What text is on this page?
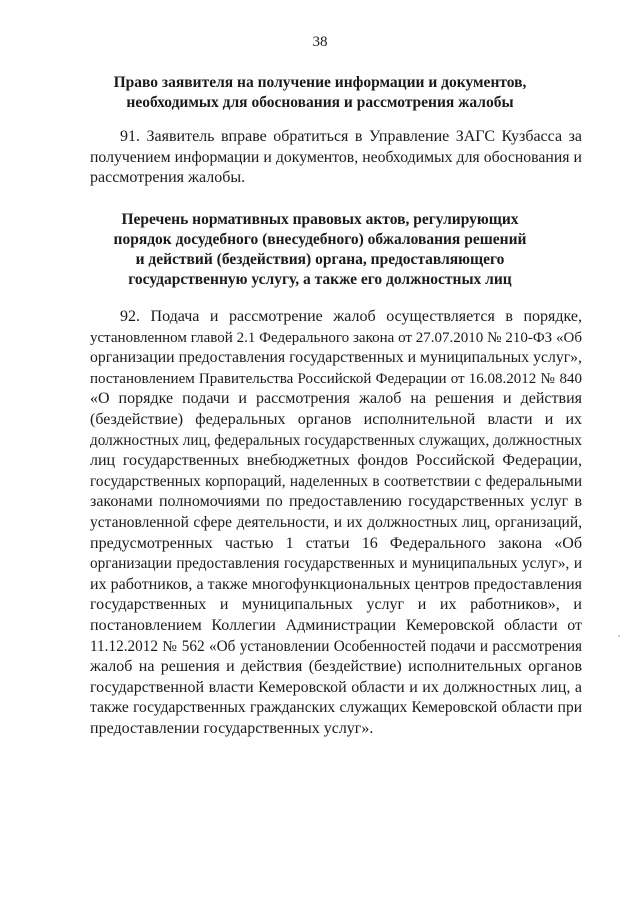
38
Право заявителя на получение информации и документов,
необходимых для обоснования и рассмотрения жалобы
91. Заявитель вправе обратиться в Управление ЗАГС Кузбасса за
получением информации и документов, необходимых для обоснования и
рассмотрения жалобы.
Перечень нормативных правовых актов, регулирующих
порядок досудебного (внесудебного) обжалования решений
и действий (бездействия) органа, предоставляющего
государственную услугу, а также его должностных лиц
92. Подача и рассмотрение жалоб осуществляется в порядке,
установленном главой 2.1 Федерального закона от 27.07.2010 № 210-ФЗ «Об
организации предоставления государственных и муниципальных услуг»,
постановлением Правительства Российской Федерации от 16.08.2012 № 840
«О порядке подачи и рассмотрения жалоб на решения и действия
(бездействие) федеральных органов исполнительной власти и их
должностных лиц, федеральных государственных служащих, должностных
лиц государственных внебюджетных фондов Российской Федерации,
государственных корпораций, наделенных в соответствии с федеральными
законами полномочиями по предоставлению государственных услуг в
установленной сфере деятельности, и их должностных лиц, организаций,
предусмотренных частью 1 статьи 16 Федерального закона «Об
организации предоставления государственных и муниципальных услуг», и
их работников, а также многофункциональных центров предоставления
государственных и муниципальных услуг и их работников», и
постановлением Коллегии Администрации Кемеровской области от
11.12.2012 № 562 «Об установлении Особенностей подачи и рассмотрения
жалоб на решения и действия (бездействие) исполнительных органов
государственной власти Кемеровской области и их должностных лиц, а
также государственных гражданских служащих Кемеровской области при
предоставлении государственных услуг».
